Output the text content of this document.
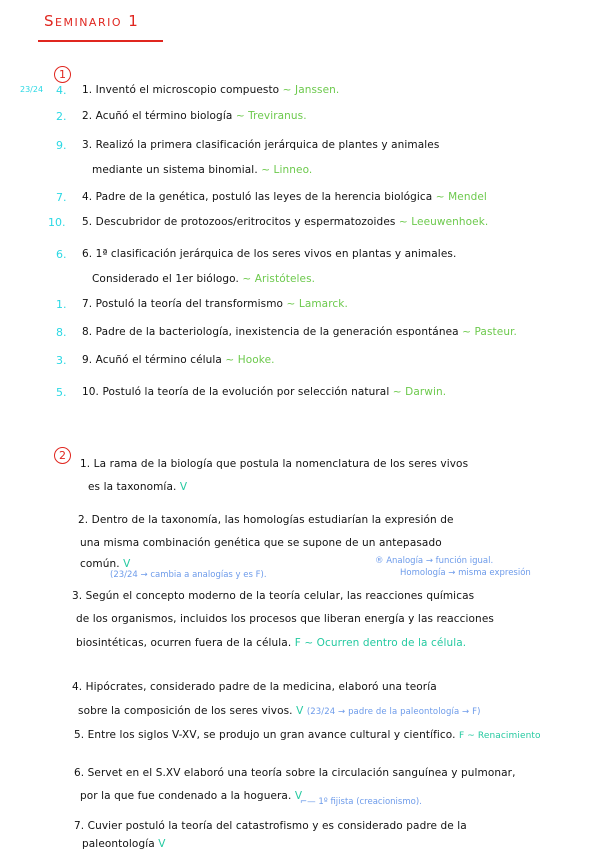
Seminario 1
1
23/24 4. 1. Inventó el microscopio compuesto ~ Janssen.
2. 2. Acuñó el término biología ~ Treviranus.
9. 3. Realizó la primera clasificación jerárquica de plantes y animales
mediante un sistema binomial. ~ Linneo.
7. 4. Padre de la genética, postuló las leyes de la herencia biológica ~ Mendel
10. 5. Descubridor de protozoos/eritrocitos y espermatozoides ~ Leeuwenhoek.
6. 6. 1ª clasificación jerárquica de los seres vivos en plantas y animales.
Considerado el 1er biólogo. ~ Aristóteles.
1. 7. Postuló la teoría del transformismo ~ Lamarck.
8. 8. Padre de la bacteriología, inexistencia de la generación espontánea ~ Pasteur.
3. 9. Acuñó el término célula ~ Hooke.
5. 10. Postuló la teoría de la evolución por selección natural ~ Darwin.
2
1. La rama de la biología que postula la nomenclatura de los seres vivos
es la taxonomía. V
2. Dentro de la taxonomía, las homologías estudiarían la expresión de
una misma combinación genética que se supone de un antepasado
común. V
(23/24 → cambia a analogías y es F).
® Analogía → función igual.
Homología → misma expresión
3. Según el concepto moderno de la teoría celular, las reacciones químicas
de los organismos, incluidos los procesos que liberan energía y las reacciones
biosintéticas, ocurren fuera de la célula. F ~ Ocurren dentro de la célula.
4. Hipócrates, considerado padre de la medicina, elaboró una teoría
sobre la composición de los seres vivos. V (23/24 → padre de la paleontología → F)
5. Entre los siglos V-XV, se produjo un gran avance cultural y científico. F ~ Renacimiento
6. Servet en el S.XV elaboró una teoría sobre la circulación sanguínea y pulmonar,
por la que fue condenado a la hoguera. V
⌐— 1º fijista (creacionismo).
7. Cuvier postuló la teoría del catastrofismo y es considerado padre de la
paleontología V
